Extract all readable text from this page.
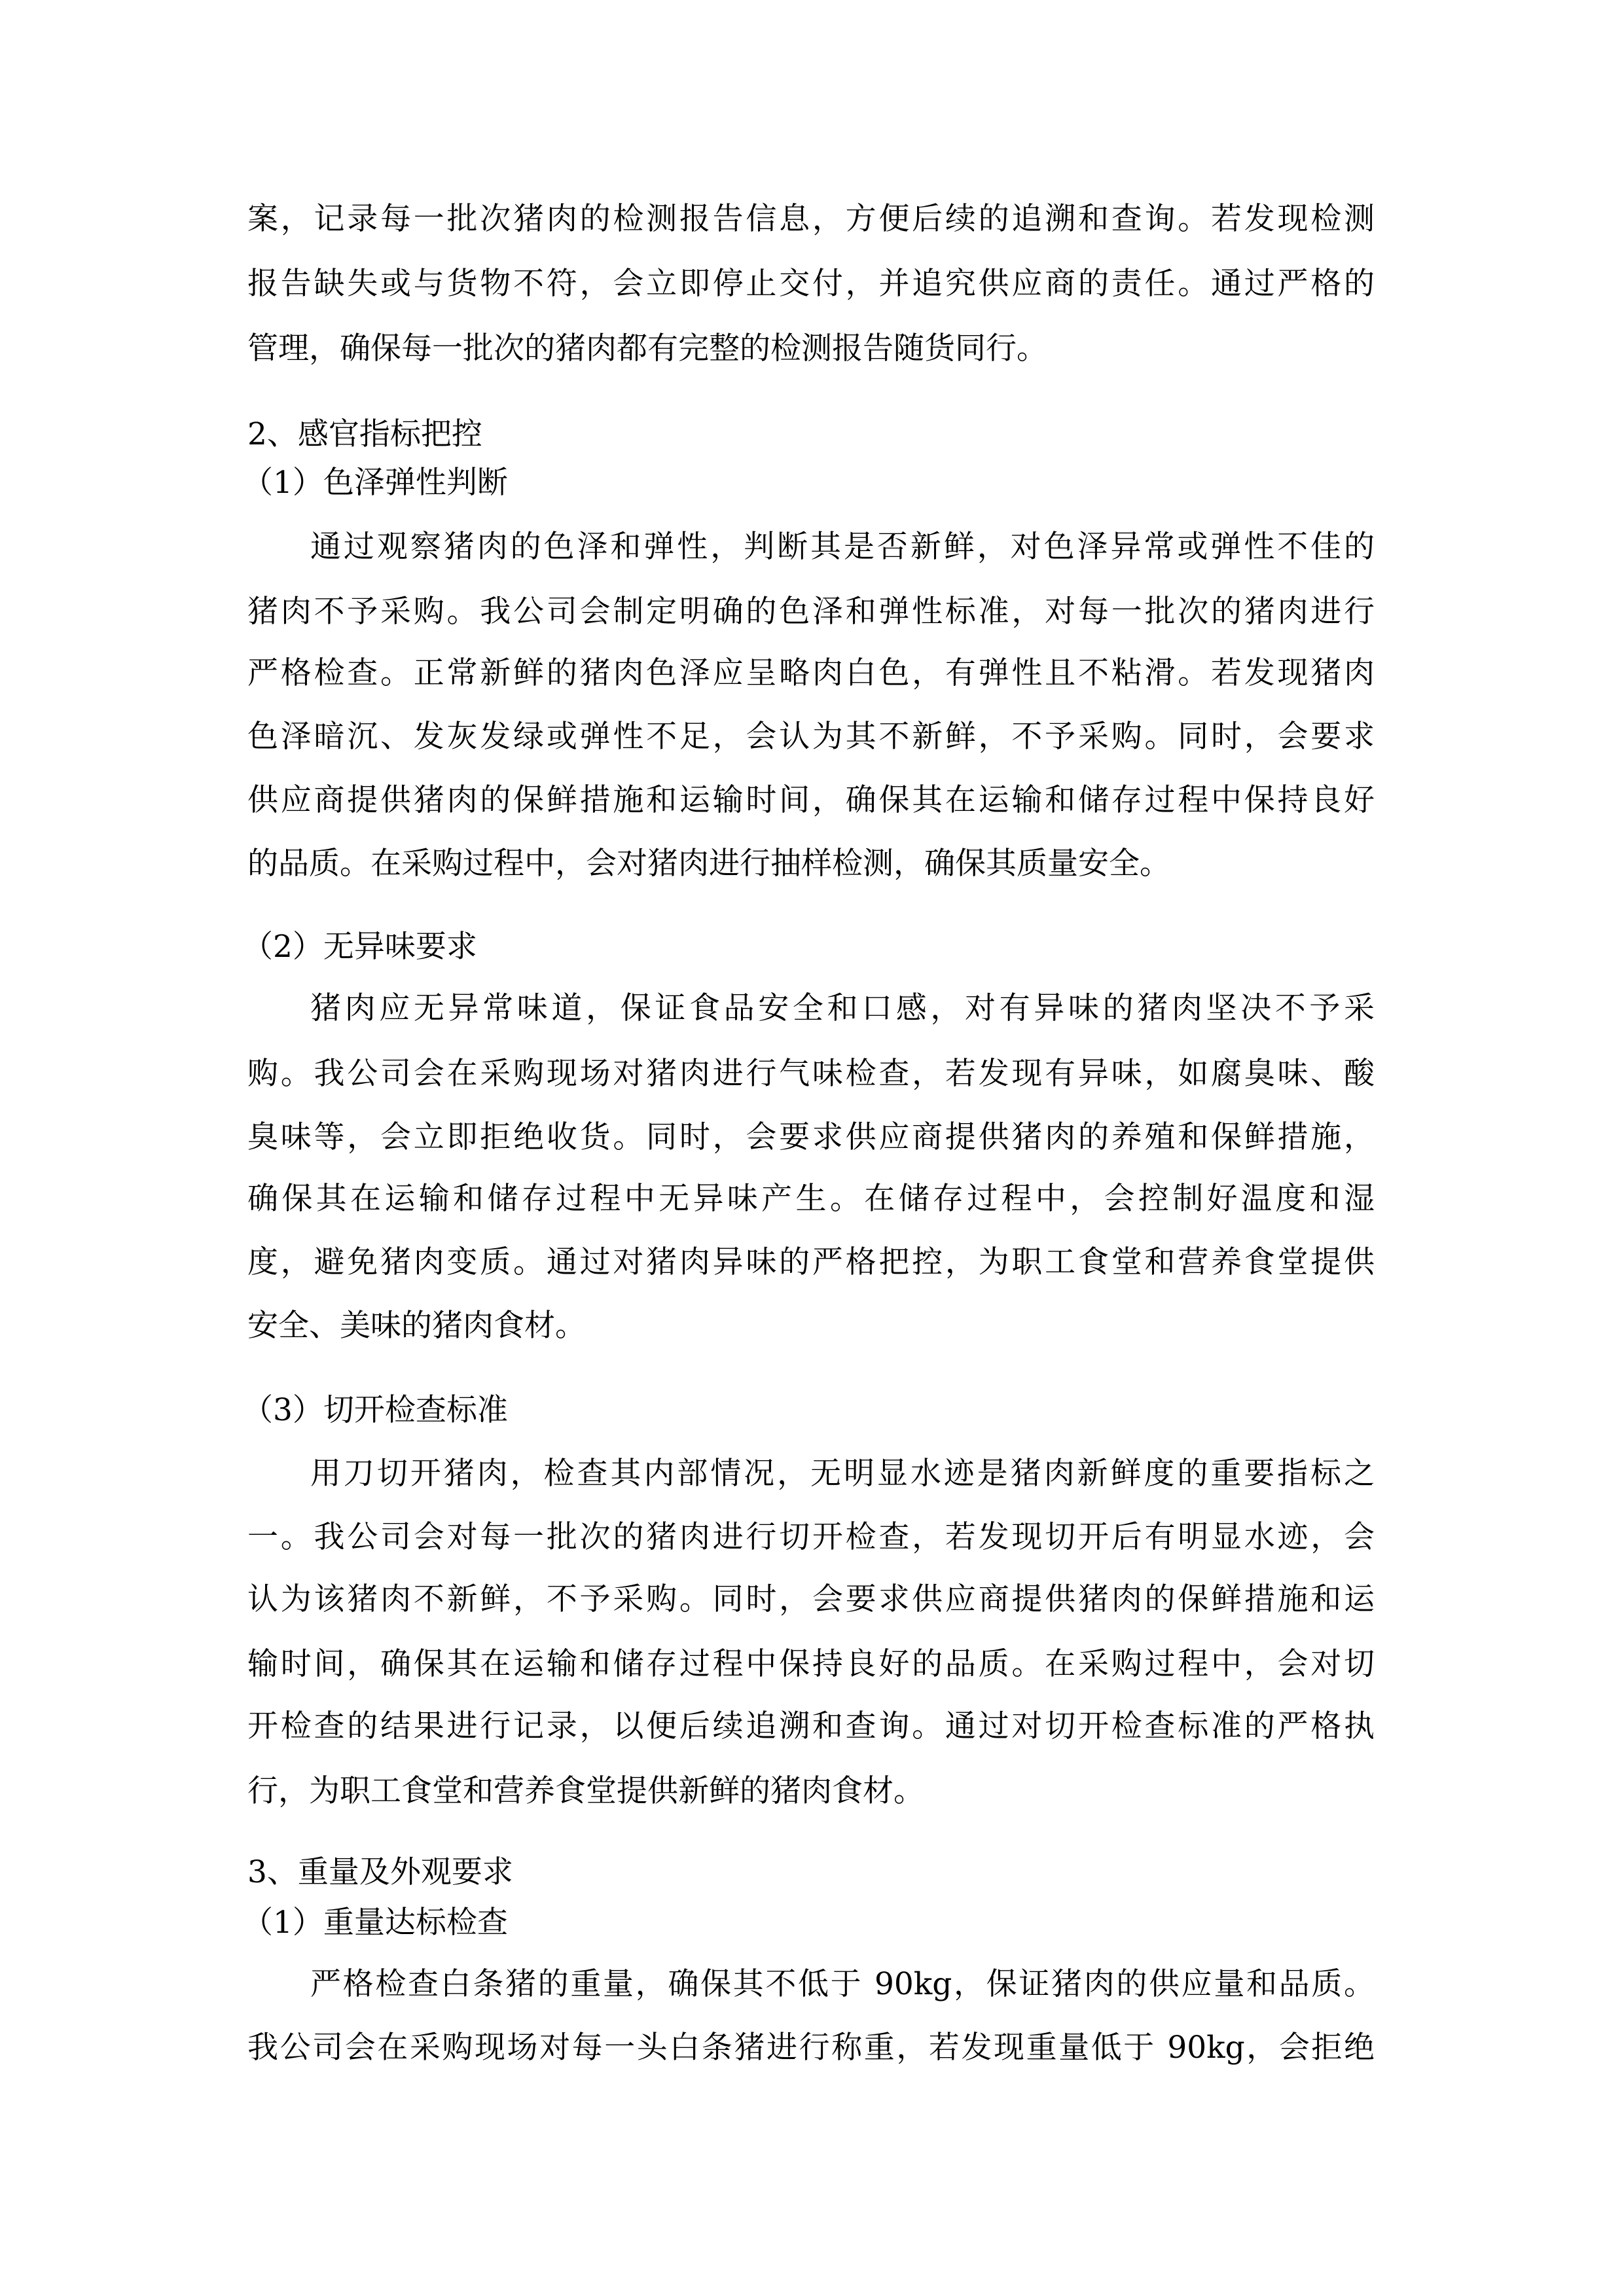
案，记录每一批次猪肉的检测报告信息，方便后续的追溯和查询。若发现检测
报告缺失或与货物不符，会立即停止交付，并追究供应商的责任。通过严格的
管理，确保每一批次的猪肉都有完整的检测报告随货同行。
2、感官指标把控
（1）色泽弹性判断
通过观察猪肉的色泽和弹性，判断其是否新鲜，对色泽异常或弹性不佳的
猪肉不予采购。我公司会制定明确的色泽和弹性标准，对每一批次的猪肉进行
严格检查。正常新鲜的猪肉色泽应呈略肉白色，有弹性且不粘滑。若发现猪肉
色泽暗沉、发灰发绿或弹性不足，会认为其不新鲜，不予采购。同时，会要求
供应商提供猪肉的保鲜措施和运输时间，确保其在运输和储存过程中保持良好
的品质。在采购过程中，会对猪肉进行抽样检测，确保其质量安全。
（2）无异味要求
猪肉应无异常味道，保证食品安全和口感，对有异味的猪肉坚决不予采
购。我公司会在采购现场对猪肉进行气味检查，若发现有异味，如腐臭味、酸
臭味等，会立即拒绝收货。同时，会要求供应商提供猪肉的养殖和保鲜措施，
确保其在运输和储存过程中无异味产生。在储存过程中，会控制好温度和湿
度，避免猪肉变质。通过对猪肉异味的严格把控，为职工食堂和营养食堂提供
安全、美味的猪肉食材。
（3）切开检查标准
用刀切开猪肉，检查其内部情况，无明显水迹是猪肉新鲜度的重要指标之
一。我公司会对每一批次的猪肉进行切开检查，若发现切开后有明显水迹，会
认为该猪肉不新鲜，不予采购。同时，会要求供应商提供猪肉的保鲜措施和运
输时间，确保其在运输和储存过程中保持良好的品质。在采购过程中，会对切
开检查的结果进行记录，以便后续追溯和查询。通过对切开检查标准的严格执
行，为职工食堂和营养食堂提供新鲜的猪肉食材。
3、重量及外观要求
（1）重量达标检查
严格检查白条猪的重量，确保其不低于 90kg，保证猪肉的供应量和品质。
我公司会在采购现场对每一头白条猪进行称重，若发现重量低于 90kg，会拒绝
